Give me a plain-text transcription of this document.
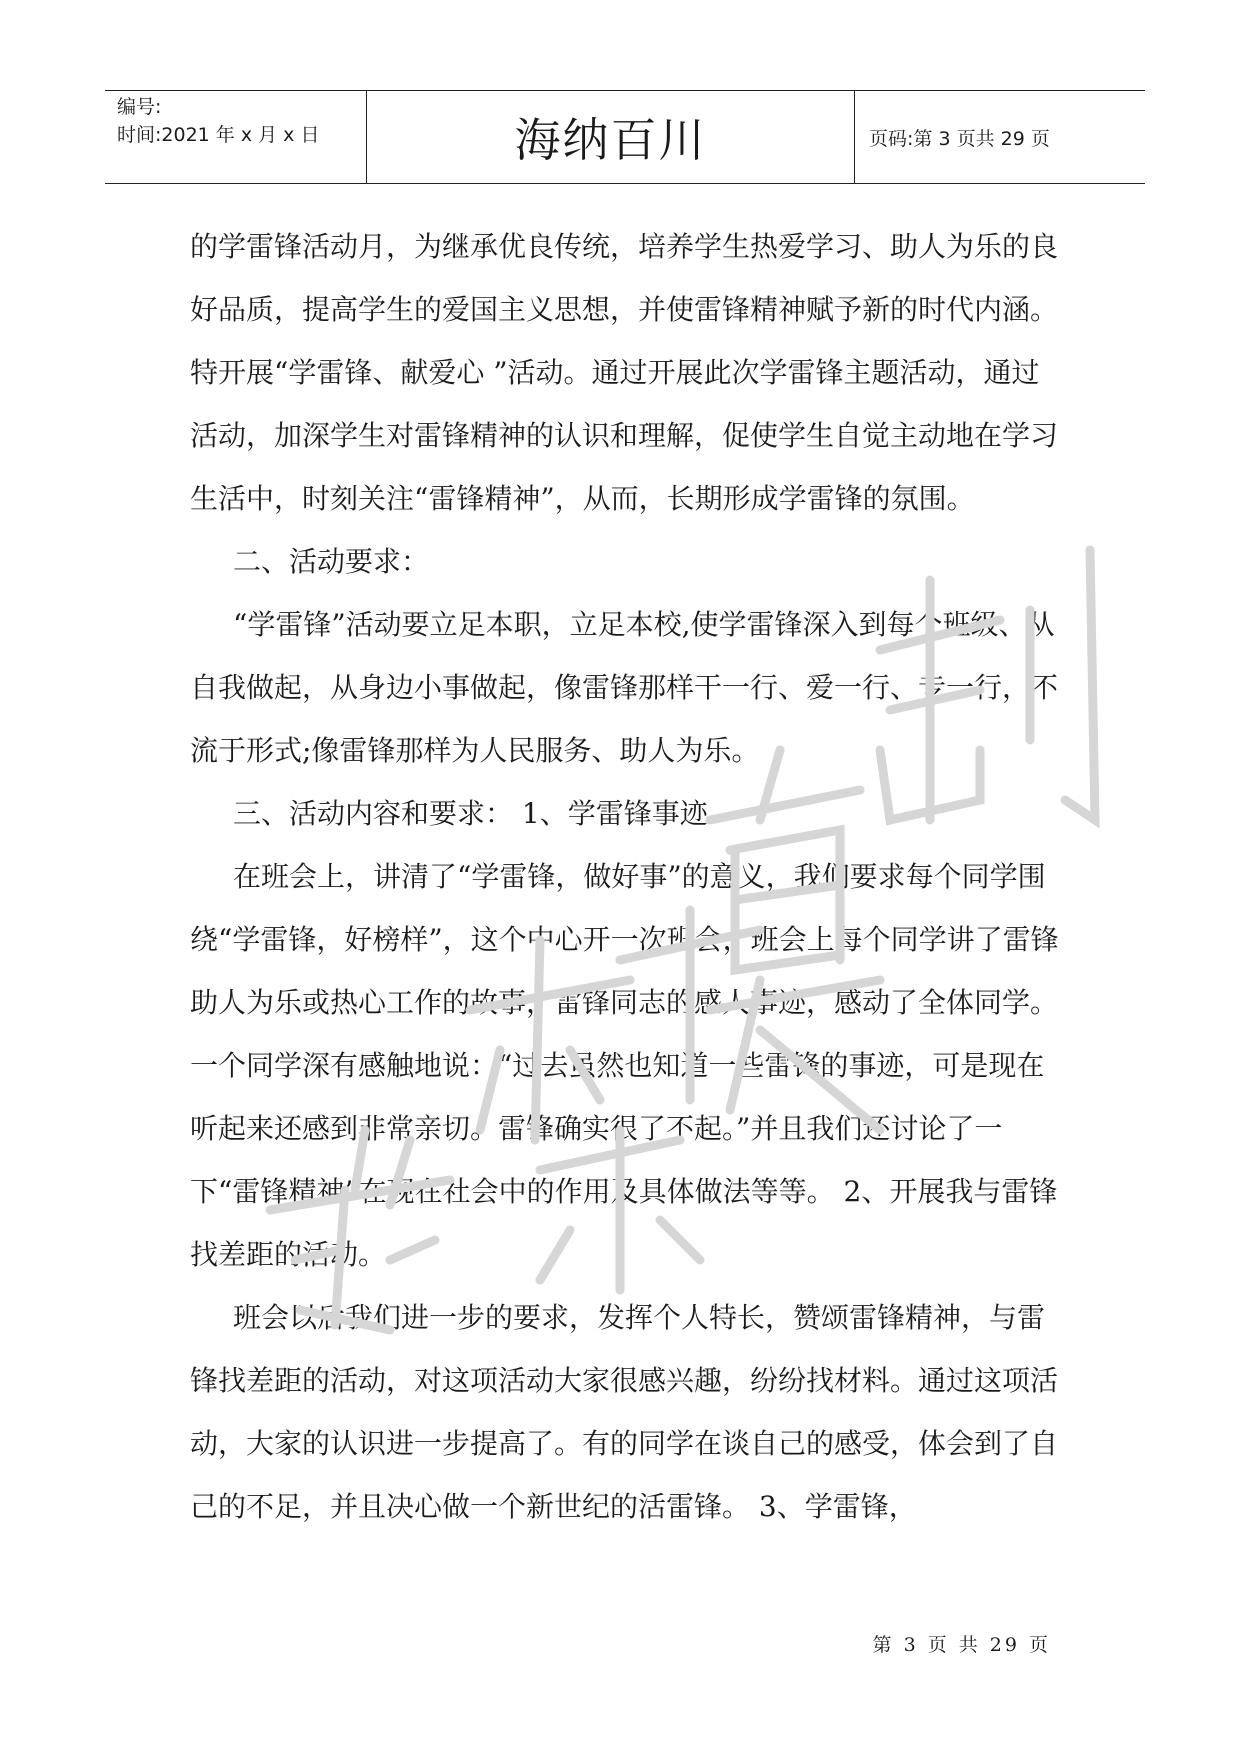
编号:
时间:2021 年 x 月 x 日	海纳百川	页码:第 3 页共 29 页

的学雷锋活动月，为继承优良传统，培养学生热爱学习、助人为乐的良好品质，提高学生的爱国主义思想，并使雷锋精神赋予新的时代内涵。特开展“学雷锋、献爱心 ”活动。通过开展此次学雷锋主题活动，通过活动，加深学生对雷锋精神的认识和理解，促使学生自觉主动地在学习生活中，时刻关注“雷锋精神”，从而，长期形成学雷锋的氛围。

二、活动要求：

“学雷锋”活动要立足本职，立足本校,使学雷锋深入到每个班级、从自我做起，从身边小事做起，像雷锋那样干一行、爱一行、专一行，不流于形式;像雷锋那样为人民服务、助人为乐。

三、活动内容和要求： 1、学雷锋事迹

在班会上，讲清了“学雷锋，做好事”的意义，我们要求每个同学围绕“学雷锋，好榜样”，这个中心开一次班会，班会上每个同学讲了雷锋助人为乐或热心工作的故事，雷锋同志的感人事迹，感动了全体同学。一个同学深有感触地说：“过去虽然也知道一些雷锋的事迹，可是现在听起来还感到非常亲切。雷锋确实很了不起。”并且我们还讨论了一下“雷锋精神”在现在社会中的作用及具体做法等等。 2、开展我与雷锋找差距的活动。

班会以后我们进一步的要求，发挥个人特长，赞颂雷锋精神，与雷锋找差距的活动，对这项活动大家很感兴趣，纷纷找材料。通过这项活动，大家的认识进一步提高了。有的同学在谈自己的感受，体会到了自己的不足，并且决心做一个新世纪的活雷锋。 3、学雷锋，

第 3 页 共 29 页
